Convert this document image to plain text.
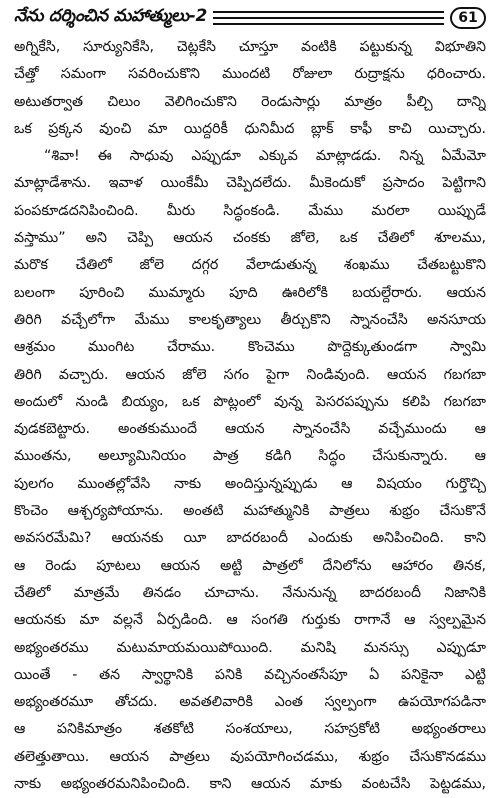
నేను దర్శించిన మహాత్ములు-2	61
అగ్నికేసి, సూర్యునికేసి, చెట్లకేసి చూస్తూ వంటికి పట్టుకున్న విభూతిని
చేత్తో సమంగా సవరించుకొని ముందటి రోజులా రుద్రాక్షను ధరించారు.
అటుతర్వాత చిలుం వెలిగించుకొని రెండుసార్లు మాత్రం పీల్చి దాన్ని
ఒక ప్రక్కన వుంచి మా యిద్దరికీ ధునిమీద బ్లాక్ కాఫీ కాచి యిచ్చారు.
“శివా! ఈ సాధువు ఎప్పుడూ ఎక్కువ మాట్లాడడు. నిన్న ఏమేమో
మాట్లాడేశాను. ఇవాళ యింకేమీ చెప్పిదలేదు. మీకెందుకో ప్రసాదం పెట్టిగాని
పంపకూడదనిపించింది. మీరు సిద్ధంకండి. మేము మరలా యిప్పుడే
వస్తాము” అని చెప్పి ఆయన చంకకు జోలె, ఒక చేతిలో శూలము,
మరొక చేతిలో జోలె దగ్గర వేలాడుతున్న శంఖము చేతబట్టుకొని
బలంగా పూరించి ముమ్మారు పూది ఊరిలోకి బయల్దేరారు. ఆయన
తిరిగి వచ్చేలోగా మేము కాలకృత్యాలు తీర్చుకొని స్నానంచేసి అనసూయ
ఆశ్రమం ముంగిట చేరాము. కొంచెము పొద్దెక్కుతుండగా స్వామి
తిరిగి వచ్చారు. ఆయన జోలె సగం పైగా నిండివుంది. ఆయన గబగబా
అందులో నుండి బియ్యం, ఒక పొట్లంలో వున్న పెసరపప్పును కలిపి గబగబా
వుడకబెట్టారు. అంతకుముందే ఆయన స్నానంచేసి వచ్చేముందు ఆ
ముంతను, అల్యూమినియం పాత్ర కడిగి సిద్ధం చేసుకున్నారు. ఆ
పులగం ముంతల్లోవేసి నాకు అందిస్తున్నప్పుడు ఆ విషయం గుర్తొచ్చి
కొంచెం ఆశ్చర్యపోయాను. అంతటి మహాత్మునికి పాత్రలు శుభ్రం చేసుకొనే
అవసరమేమి? ఆయనకు యీ బాదరబందీ ఎందుకు అనిపించింది. కాని
ఆ రెండు పూటలు ఆయన అట్టి పాత్రలో దేనిలోను ఆహారం తినక,
చేతిలో మాత్రమే తినడం చూచాను. నేనునున్న బాదరబందీ నిజానికి
ఆయనకు మా వల్లనే ఏర్పడింది. ఆ సంగతి గుర్తుకు రాగానే ఆ స్వల్పమైన
అభ్యంతరము మటుమాయమయిపోయింది. మనిషి మనస్సు ఎప్పుడూ
యింతే - తన స్వార్థానికి పనికి వచ్చినంతసేపూ ఏ పనికైనా ఎట్టి
అభ్యంతరమూ తోచదు. అవతలివారికి ఎంత స్వల్పంగా ఉపయోగపడినా
ఆ పనికిమాత్రం శతకోటి సంశయాలు, సహస్రకోటి అభ్యంతరాలు
తలెత్తుతాయి. ఆయన పాత్రలు వుపయోగించడము, శుభ్రం చేసుకొనడము
నాకు అభ్యంతరమనిపించింది. కాని ఆయన మాకు వంటచేసి పెట్టడము,
